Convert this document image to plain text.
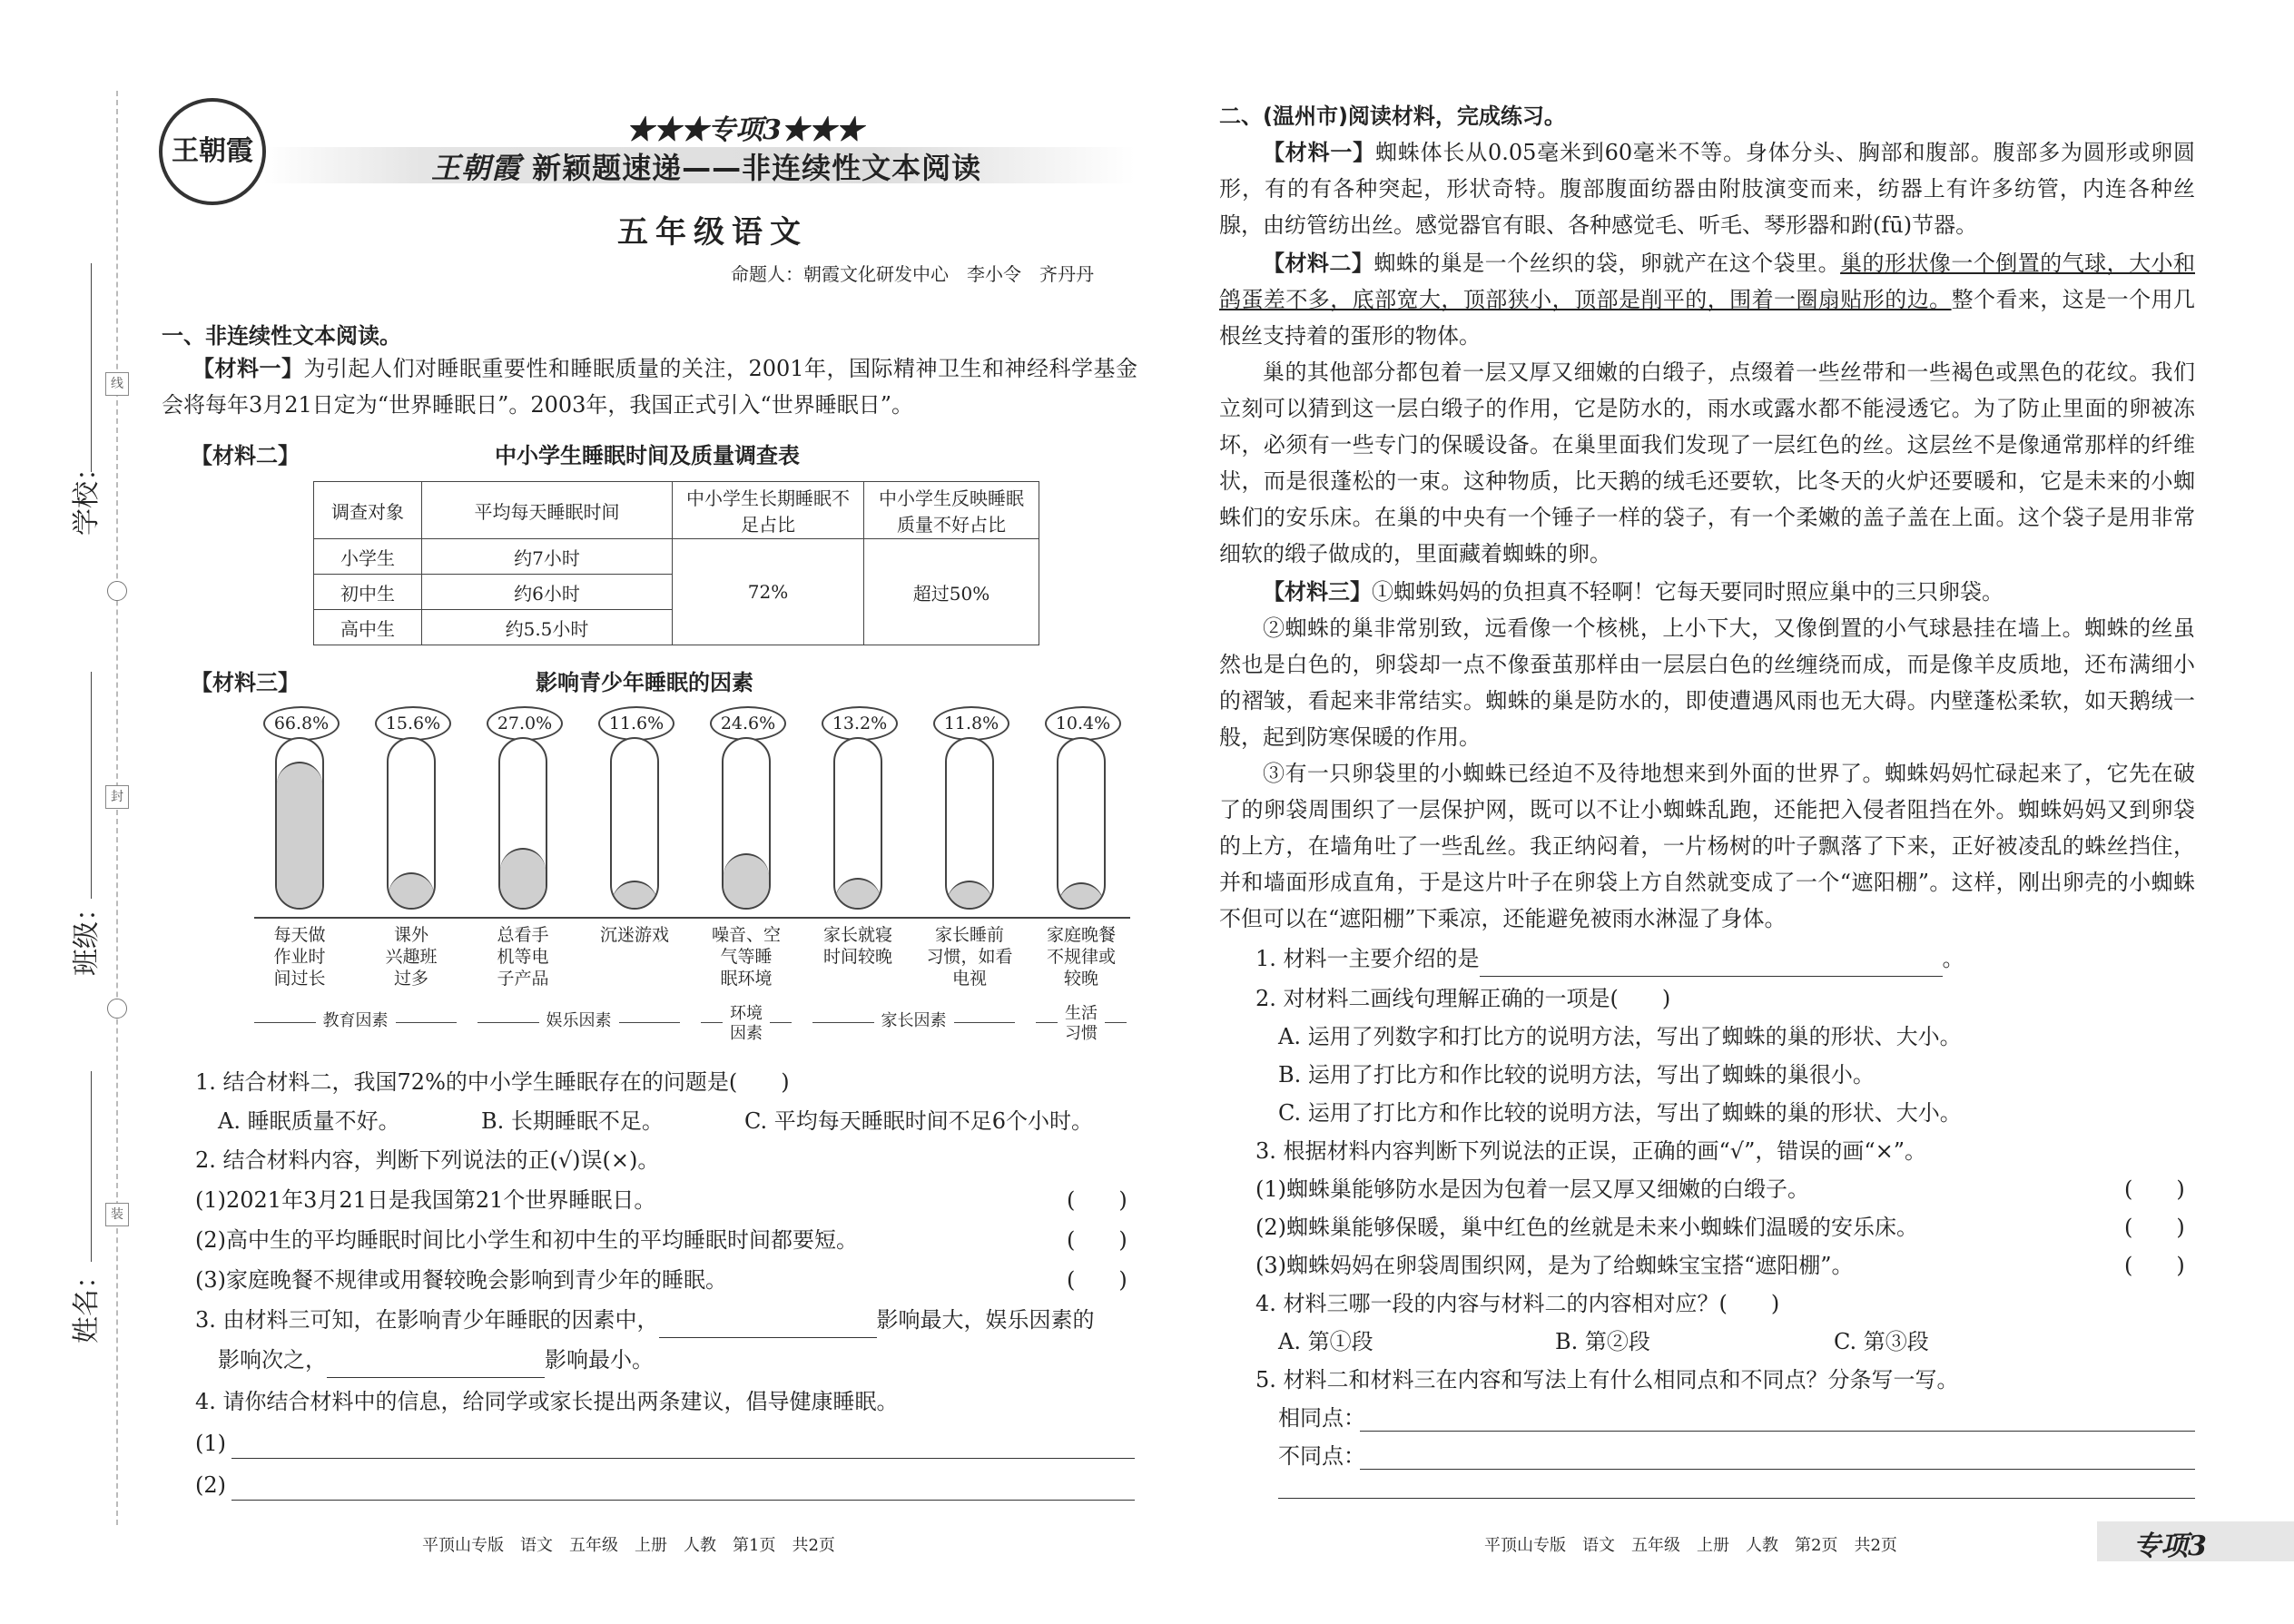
线
封
装
学校：
班级：
姓名：
王朝霞
★★★专项3★★★
王朝霞 新颖题速递——非连续性文本阅读
五年级语文
命题人：朝霞文化研发中心　李小令　齐丹丹
一、非连续性文本阅读。

【材料一】为引起人们对睡眠重要性和睡眠质量的关注，2001年，国际精神卫生和神经科学基金会将每年3月21日定为“世界睡眠日”。2003年，我国正式引入“世界睡眠日”。

【材料二】	中小学生睡眠时间及质量调查表
调查对象	平均每天睡眠时间	中小学生长期睡眠不足占比	中小学生反映睡眠质量不好占比
小学生	约7小时	72%	超过50%
初中生	约6小时		
高中生	约5.5小时		
【材料三】	影响青少年睡眠的因素
66.8%
每天做
作业时
间过长
15.6%
课外
兴趣班
过多
27.0%
总看手
机等电
子产品
11.6%
沉迷游戏
24.6%
噪音、空
气等睡
眠环境
13.2%
家长就寝
时间较晚
11.8%
家长睡前
习惯，如看
电视
10.4%
家庭晚餐
不规律或
较晚
教育因素	娱乐因素	环境
因素
家长因素	生活
习惯
1. 结合材料二，我国72%的中小学生睡眠存在的问题是(　　)
A. 睡眠质量不好。	B. 长期睡眠不足。	C. 平均每天睡眠时间不足6个小时。
2. 结合材料内容，判断下列说法的正(√)误(×)。
(1)2021年3月21日是我国第21个世界睡眠日。	(　　)
(2)高中生的平均睡眠时间比小学生和初中生的平均睡眠时间都要短。	(　　)
(3)家庭晚餐不规律或用餐较晚会影响到青少年的睡眠。	(　　)
3. 由材料三可知，在影响青少年睡眠的因素中，	影响最大，娱乐因素的
影响次之，	影响最小。
4. 请你结合材料中的信息，给同学或家长提出两条建议，倡导健康睡眠。
(1)
(2)
平顶山专版　语文　五年级　上册　人教　第1页　共2页
二、(温州市)阅读材料，完成练习。

【材料一】蜘蛛体长从0.05毫米到60毫米不等。身体分头、胸部和腹部。腹部多为圆形或卵圆形，有的有各种突起，形状奇特。腹部腹面纺器由附肢演变而来，纺器上有许多纺管，内连各种丝腺，由纺管纺出丝。感觉器官有眼、各种感觉毛、听毛、琴形器和跗(fū)节器。

【材料二】蜘蛛的巢是一个丝织的袋，卵就产在这个袋里。巢的形状像一个倒置的气球，大小和鸽蛋差不多，底部宽大，顶部狭小，顶部是削平的，围着一圈扇贴形的边。整个看来，这是一个用几根丝支持着的蛋形的物体。

巢的其他部分都包着一层又厚又细嫩的白缎子，点缀着一些丝带和一些褐色或黑色的花纹。我们立刻可以猜到这一层白缎子的作用，它是防水的，雨水或露水都不能浸透它。为了防止里面的卵被冻坏，必须有一些专门的保暖设备。在巢里面我们发现了一层红色的丝。这层丝不是像通常那样的纤维状，而是很蓬松的一束。这种物质，比天鹅的绒毛还要软，比冬天的火炉还要暖和，它是未来的小蜘蛛们的安乐床。在巢的中央有一个锤子一样的袋子，有一个柔嫩的盖子盖在上面。这个袋子是用非常细软的缎子做成的，里面藏着蜘蛛的卵。

【材料三】①蜘蛛妈妈的负担真不轻啊！它每天要同时照应巢中的三只卵袋。

②蜘蛛的巢非常别致，远看像一个核桃，上小下大，又像倒置的小气球悬挂在墙上。蜘蛛的丝虽然也是白色的，卵袋却一点不像蚕茧那样由一层层白色的丝缠绕而成，而是像羊皮质地，还布满细小的褶皱，看起来非常结实。蜘蛛的巢是防水的，即使遭遇风雨也无大碍。内壁蓬松柔软，如天鹅绒一般，起到防寒保暖的作用。

③有一只卵袋里的小蜘蛛已经迫不及待地想来到外面的世界了。蜘蛛妈妈忙碌起来了，它先在破了的卵袋周围织了一层保护网，既可以不让小蜘蛛乱跑，还能把入侵者阻挡在外。蜘蛛妈妈又到卵袋的上方，在墙角吐了一些乱丝。我正纳闷着，一片杨树的叶子飘落了下来，正好被凌乱的蛛丝挡住，并和墙面形成直角，于是这片叶子在卵袋上方自然就变成了一个“遮阳棚”。这样，刚出卵壳的小蜘蛛不但可以在“遮阳棚”下乘凉，还能避免被雨水淋湿了身体。

1. 材料一主要介绍的是	。
2. 对材料二画线句理解正确的一项是(　　)
A. 运用了列数字和打比方的说明方法，写出了蜘蛛的巢的形状、大小。
B. 运用了打比方和作比较的说明方法，写出了蜘蛛的巢很小。
C. 运用了打比方和作比较的说明方法，写出了蜘蛛的巢的形状、大小。
3. 根据材料内容判断下列说法的正误，正确的画“√”，错误的画“×”。
(1)蜘蛛巢能够防水是因为包着一层又厚又细嫩的白缎子。	(　　)
(2)蜘蛛巢能够保暖，巢中红色的丝就是未来小蜘蛛们温暖的安乐床。	(　　)
(3)蜘蛛妈妈在卵袋周围织网，是为了给蜘蛛宝宝搭“遮阳棚”。	(　　)
4. 材料三哪一段的内容与材料二的内容相对应？(　　)
A. 第①段	B. 第②段	C. 第③段
5. 材料二和材料三在内容和写法上有什么相同点和不同点？分条写一写。
相同点：
不同点：
平顶山专版　语文　五年级　上册　人教　第2页　共2页	专项3
